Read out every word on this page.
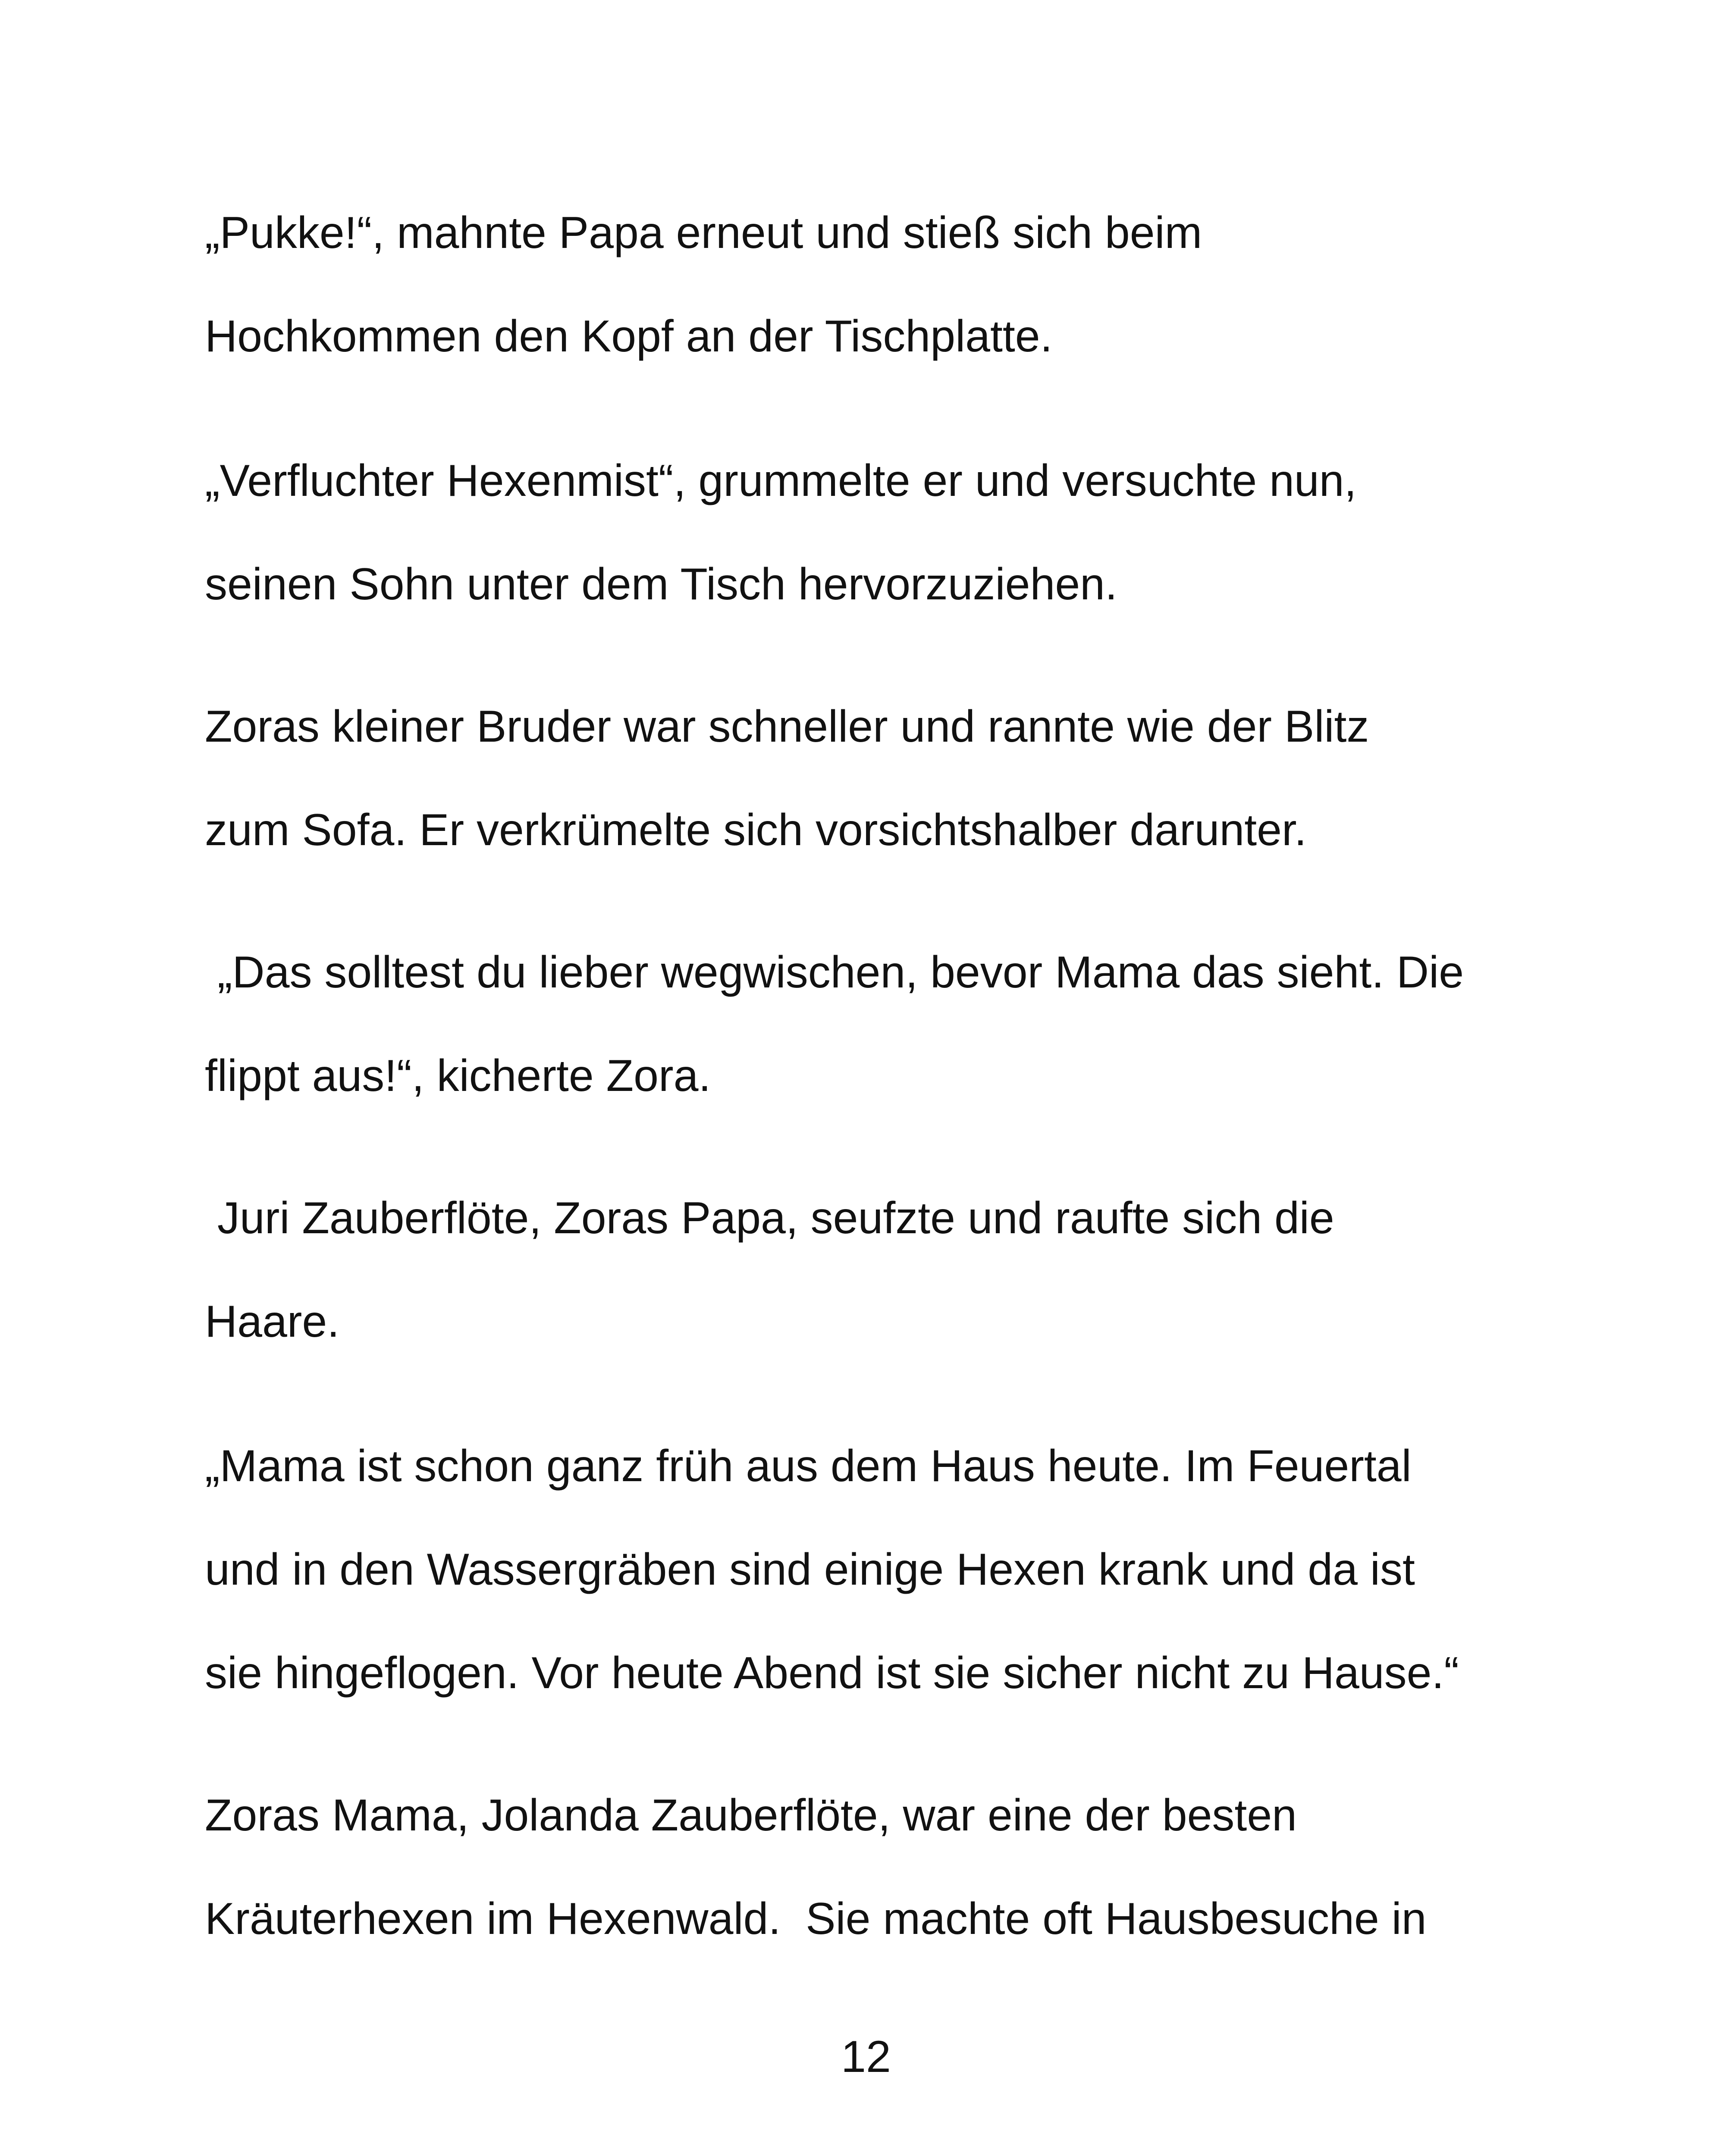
„Pukke!“, mahnte Papa erneut und stieß sich beim
Hochkommen den Kopf an der Tischplatte.
„Verfluchter Hexenmist“, grummelte er und versuchte nun,
seinen Sohn unter dem Tisch hervorzuziehen.
Zoras kleiner Bruder war schneller und rannte wie der Blitz
zum Sofa. Er verkrümelte sich vorsichtshalber darunter.
„Das solltest du lieber wegwischen, bevor Mama das sieht. Die
flippt aus!“, kicherte Zora.
Juri Zauberflöte, Zoras Papa, seufzte und raufte sich die
Haare.
„Mama ist schon ganz früh aus dem Haus heute. Im Feuertal
und in den Wassergräben sind einige Hexen krank und da ist
sie hingeflogen. Vor heute Abend ist sie sicher nicht zu Hause.“
Zoras Mama, Jolanda Zauberflöte, war eine der besten
Kräuterhexen im Hexenwald.  Sie machte oft Hausbesuche in
12
